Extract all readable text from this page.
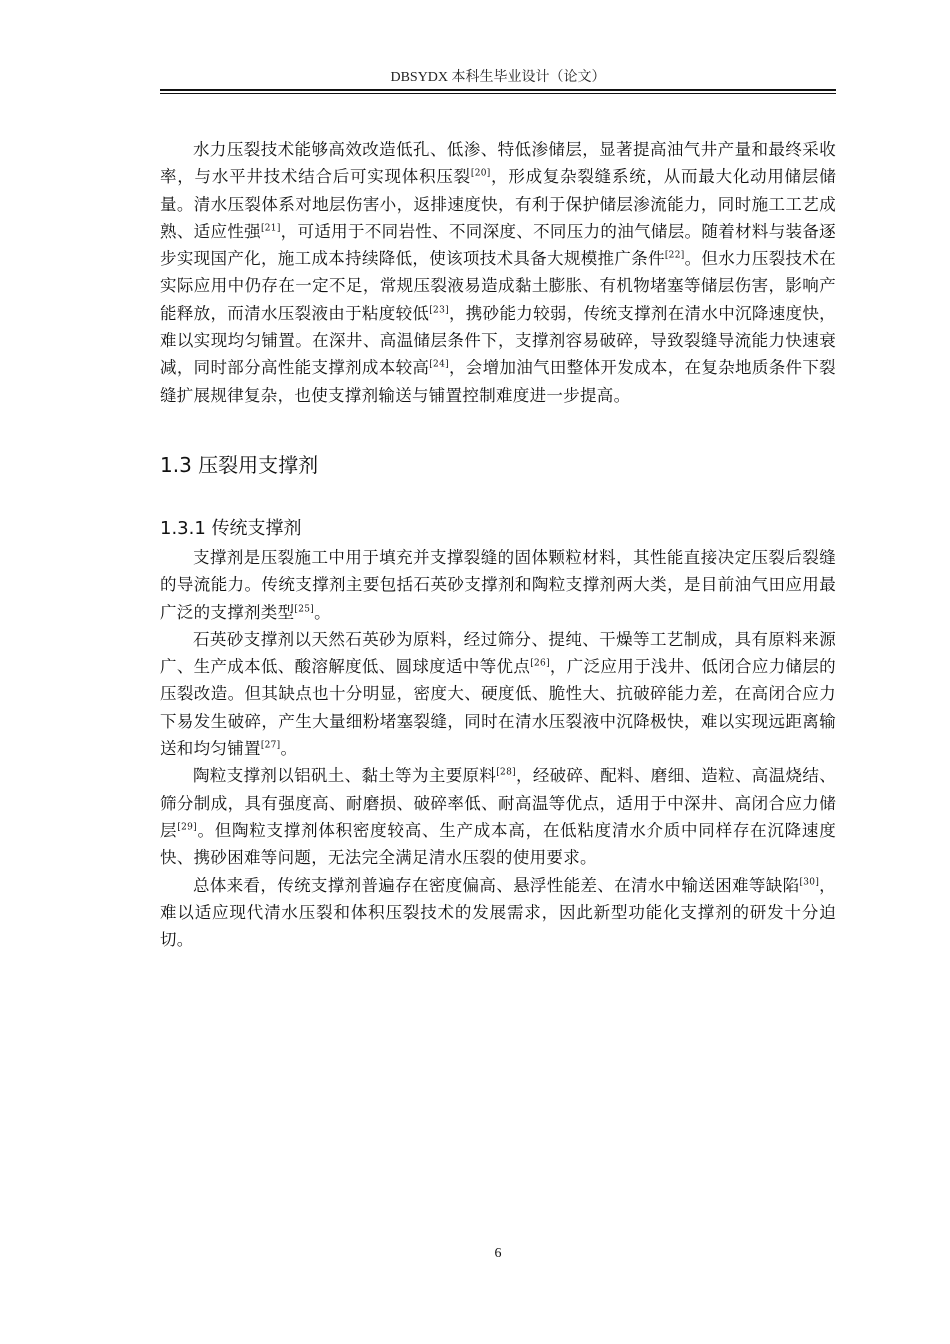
DBSYDX 本科生毕业设计（论文）

水力压裂技术能够高效改造低孔、低渗、特低渗储层，显著提高油气井产量和最终采收率，与水平井技术结合后可实现体积压裂[20]，形成复杂裂缝系统，从而最大化动用储层储量。清水压裂体系对地层伤害小，返排速度快，有利于保护储层渗流能力，同时施工工艺成熟、适应性强[21]，可适用于不同岩性、不同深度、不同压力的油气储层。随着材料与装备逐步实现国产化，施工成本持续降低，使该项技术具备大规模推广条件[22]。但水力压裂技术在实际应用中仍存在一定不足，常规压裂液易造成黏土膨胀、有机物堵塞等储层伤害，影响产能释放，而清水压裂液由于粘度较低[23]，携砂能力较弱，传统支撑剂在清水中沉降速度快，难以实现均匀铺置。在深井、高温储层条件下，支撑剂容易破碎，导致裂缝导流能力快速衰减，同时部分高性能支撑剂成本较高[24]，会增加油气田整体开发成本，在复杂地质条件下裂缝扩展规律复杂，也使支撑剂输送与铺置控制难度进一步提高。

1.3 压裂用支撑剂
1.3.1 传统支撑剂

支撑剂是压裂施工中用于填充并支撑裂缝的固体颗粒材料，其性能直接决定压裂后裂缝的导流能力。传统支撑剂主要包括石英砂支撑剂和陶粒支撑剂两大类，是目前油气田应用最广泛的支撑剂类型[25]。

石英砂支撑剂以天然石英砂为原料，经过筛分、提纯、干燥等工艺制成，具有原料来源广、生产成本低、酸溶解度低、圆球度适中等优点[26]，广泛应用于浅井、低闭合应力储层的压裂改造。但其缺点也十分明显，密度大、硬度低、脆性大、抗破碎能力差，在高闭合应力下易发生破碎，产生大量细粉堵塞裂缝，同时在清水压裂液中沉降极快，难以实现远距离输送和均匀铺置[27]。

陶粒支撑剂以铝矾土、黏土等为主要原料[28]，经破碎、配料、磨细、造粒、高温烧结、筛分制成，具有强度高、耐磨损、破碎率低、耐高温等优点，适用于中深井、高闭合应力储层[29]。但陶粒支撑剂体积密度较高、生产成本高，在低粘度清水介质中同样存在沉降速度快、携砂困难等问题，无法完全满足清水压裂的使用要求。

总体来看，传统支撑剂普遍存在密度偏高、悬浮性能差、在清水中输送困难等缺陷[30]，难以适应现代清水压裂和体积压裂技术的发展需求，因此新型功能化支撑剂的研发十分迫切。

6
